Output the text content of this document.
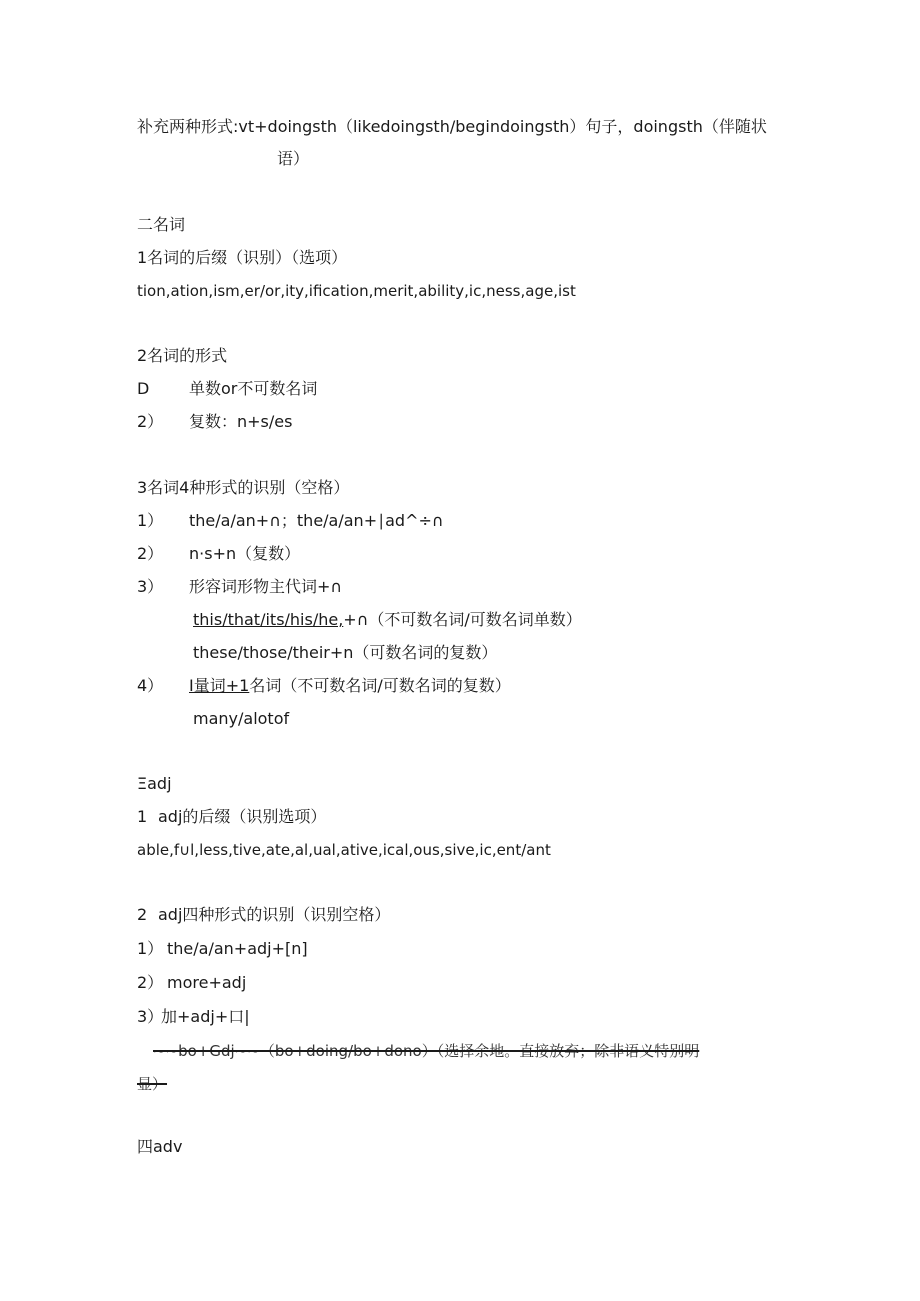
补充两种形式:vt+doingsth（likedoingsth/begindoingsth）句子，doingsth（伴随状
语）
二名词
1名词的后缀（识别）（选项）
tion,ation,ism,er/or,ity,ification,merit,ability,ic,ness,age,ist
2名词的形式
D 单数or不可数名词
2） 复数：n+s/es
3名词4种形式的识别（空格）
1） the/a/an+∩；the/a/an+∣ad^÷∩
2） n·s+n（复数）
3） 形容词形物主代词+∩
this/that/its/his/he,+∩（不可数名词/可数名词单数）
these/those/their+n（可数名词的复数）
4） I量词+1名词（不可数名词/可数名词的复数）
many/alotof
Ξadj
1 adj的后缀（识别选项）
able,f∪l,less,tive,ate,al,ual,ative,ical,ous,sive,ic,ent/ant
2 adj四种形式的识别（识别空格）
1） the/a/an+adj+[n]
2） more+adj
3）
加+adj+口|
~~bo+Gdj~~（bo+doing/bo+dono）（选择余地。直接放弃；除非语义特别明
显）
四adv
